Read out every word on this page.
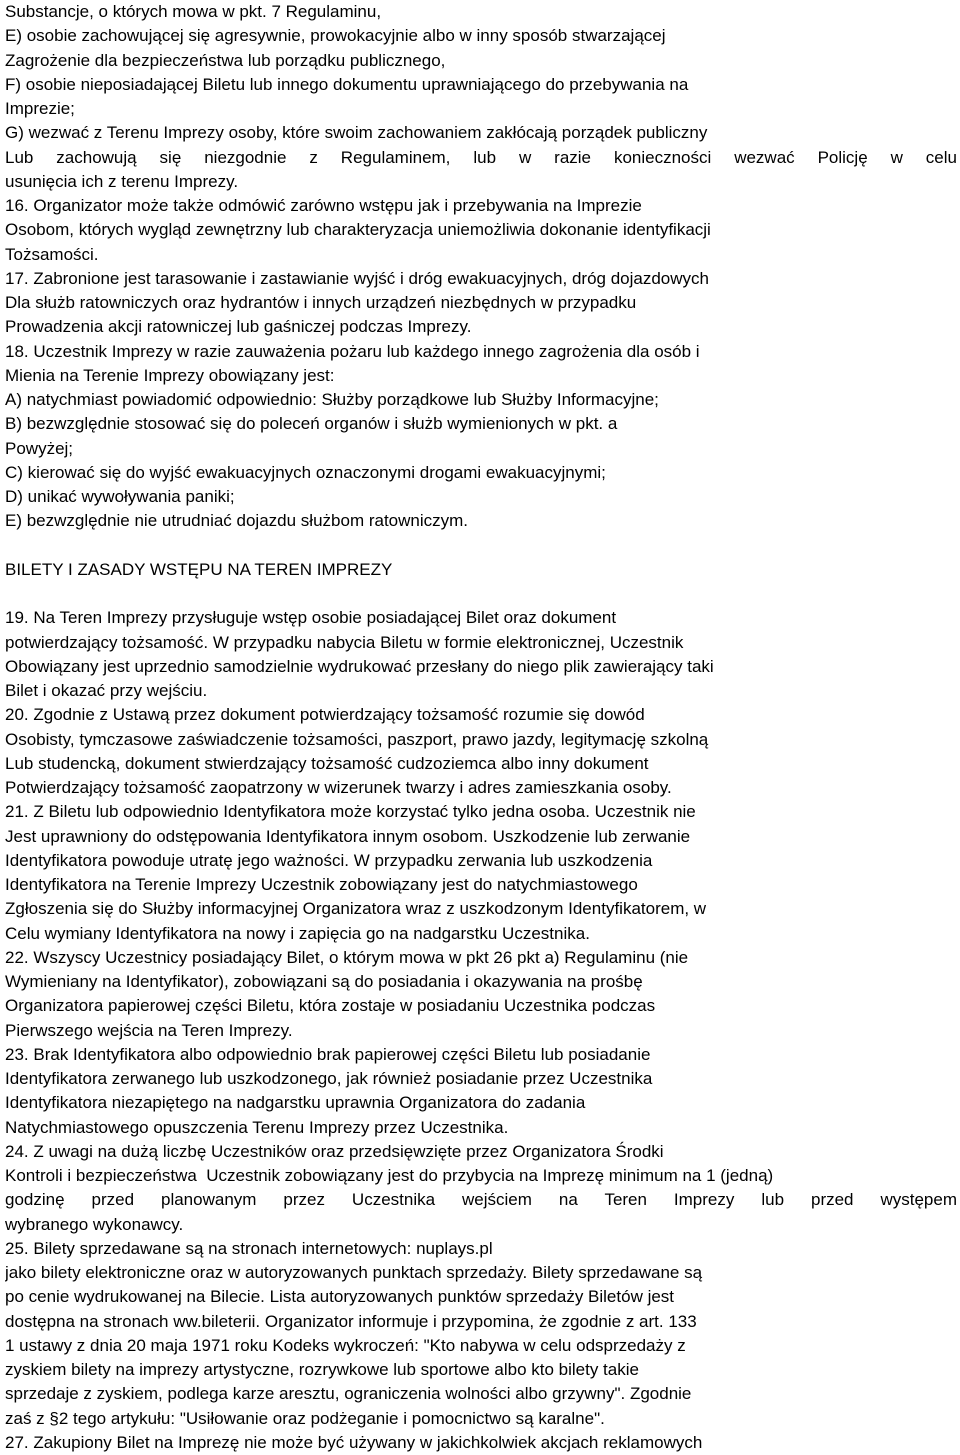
Substancje, o których mowa w pkt. 7 Regulaminu,
E) osobie zachowującej się agresywnie, prowokacyjnie albo w inny sposób stwarzającej
Zagrożenie dla bezpieczeństwa lub porządku publicznego,
F) osobie nieposiadającej Biletu lub innego dokumentu uprawniającego do przebywania na
Imprezie;
G) wezwać z Terenu Imprezy osoby, które swoim zachowaniem zakłócają porządek publiczny
Lub zachowują się niezgodnie z Regulaminem, lub w razie konieczności wezwać Policję w celu
usunięcia ich z terenu Imprezy.
16. Organizator może także odmówić zarówno wstępu jak i przebywania na Imprezie
Osobom, których wygląd zewnętrzny lub charakteryzacja uniemożliwia dokonanie identyfikacji
Tożsamości.
17. Zabronione jest tarasowanie i zastawianie wyjść i dróg ewakuacyjnych, dróg dojazdowych
Dla służb ratowniczych oraz hydrantów i innych urządzeń niezbędnych w przypadku
Prowadzenia akcji ratowniczej lub gaśniczej podczas Imprezy.
18. Uczestnik Imprezy w razie zauważenia pożaru lub każdego innego zagrożenia dla osób i
Mienia na Terenie Imprezy obowiązany jest:
A) natychmiast powiadomić odpowiednio: Służby porządkowe lub Służby Informacyjne;
B) bezwzględnie stosować się do poleceń organów i służb wymienionych w pkt. a
Powyżej;
C) kierować się do wyjść ewakuacyjnych oznaczonymi drogami ewakuacyjnymi;
D) unikać wywoływania paniki;
E) bezwzględnie nie utrudniać dojazdu służbom ratowniczym.
BILETY I ZASADY WSTĘPU NA TEREN IMPREZY
19. Na Teren Imprezy przysługuje wstęp osobie posiadającej Bilet oraz dokument
potwierdzający tożsamość. W przypadku nabycia Biletu w formie elektronicznej, Uczestnik
Obowiązany jest uprzednio samodzielnie wydrukować przesłany do niego plik zawierający taki
Bilet i okazać przy wejściu.
20. Zgodnie z Ustawą przez dokument potwierdzający tożsamość rozumie się dowód
Osobisty, tymczasowe zaświadczenie tożsamości, paszport, prawo jazdy, legitymację szkolną
Lub studencką, dokument stwierdzający tożsamość cudzoziemca albo inny dokument
Potwierdzający tożsamość zaopatrzony w wizerunek twarzy i adres zamieszkania osoby.
21. Z Biletu lub odpowiednio Identyfikatora może korzystać tylko jedna osoba. Uczestnik nie
Jest uprawniony do odstępowania Identyfikatora innym osobom. Uszkodzenie lub zerwanie
Identyfikatora powoduje utratę jego ważności. W przypadku zerwania lub uszkodzenia
Identyfikatora na Terenie Imprezy Uczestnik zobowiązany jest do natychmiastowego
Zgłoszenia się do Służby informacyjnej Organizatora wraz z uszkodzonym Identyfikatorem, w
Celu wymiany Identyfikatora na nowy i zapięcia go na nadgarstku Uczestnika.
22. Wszyscy Uczestnicy posiadający Bilet, o którym mowa w pkt 26 pkt a) Regulaminu (nie
Wymieniany na Identyfikator), zobowiązani są do posiadania i okazywania na prośbę
Organizatora papierowej części Biletu, która zostaje w posiadaniu Uczestnika podczas
Pierwszego wejścia na Teren Imprezy.
23. Brak Identyfikatora albo odpowiednio brak papierowej części Biletu lub posiadanie
Identyfikatora zerwanego lub uszkodzonego, jak również posiadanie przez Uczestnika
Identyfikatora niezapiętego na nadgarstku uprawnia Organizatora do zadania
Natychmiastowego opuszczenia Terenu Imprezy przez Uczestnika.
24. Z uwagi na dużą liczbę Uczestników oraz przedsięwzięte przez Organizatora Środki
Kontroli i bezpieczeństwa  Uczestnik zobowiązany jest do przybycia na Imprezę minimum na 1 (jedną)
godzinę przed planowanym przez Uczestnika wejściem na Teren Imprezy lub przed występem
wybranego wykonawcy.
25. Bilety sprzedawane są na stronach internetowych: nuplays.pl
jako bilety elektroniczne oraz w autoryzowanych punktach sprzedaży. Bilety sprzedawane są
po cenie wydrukowanej na Bilecie. Lista autoryzowanych punktów sprzedaży Biletów jest
dostępna na stronach ww.bileterii. Organizator informuje i przypomina, że zgodnie z art. 133
1 ustawy z dnia 20 maja 1971 roku Kodeks wykroczeń: "Kto nabywa w celu odsprzedaży z
zyskiem bilety na imprezy artystyczne, rozrywkowe lub sportowe albo kto bilety takie
sprzedaje z zyskiem, podlega karze aresztu, ograniczenia wolności albo grzywny". Zgodnie
zaś z §2 tego artykułu: "Usiłowanie oraz podżeganie i pomocnictwo są karalne".
27. Zakupiony Bilet na Imprezę nie może być używany w jakichkolwiek akcjach reklamowych
